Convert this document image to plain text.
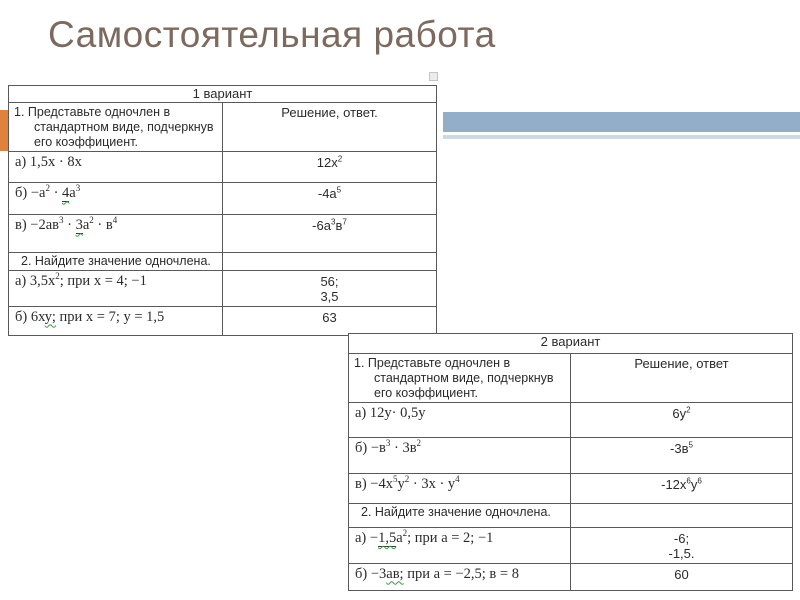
Самостоятельная работа
1 вариант	
1. Представьте одночлен в стандартном виде, подчеркнув его коэффициент.	Решение, ответ.
а) 1,5x · 8x	$12x^2$
$б) -a^2 \cdot 4a^3$	$-4a^5$
$в) -2ав^3 \cdot 3а^2 \cdot в^4$	$-6а^3в^7$
2. Найдите значение одночлена.	
а) $3,5x^2$; при x = 4; −1	56;
3,5
б) 6ху; при x = 7; у = 1,5	63
2 вариант	
1. Представьте одночлен в стандартном виде, подчеркнув его коэффициент.	Решение, ответ
а) 12y· 0,5y	$6y^2$
$б) -в^3 \cdot 3в^2$	$-3в^5$
$в) -4x^5y^2 \cdot 3x \cdot y^4$	$-12x^6y^6$
2. Найдите значение одночлена.	
$а) -1,5а^2$; при а = 2; −1	-6;
-1,5.
б) −3ав; при а = −2,5; в = 8	60
